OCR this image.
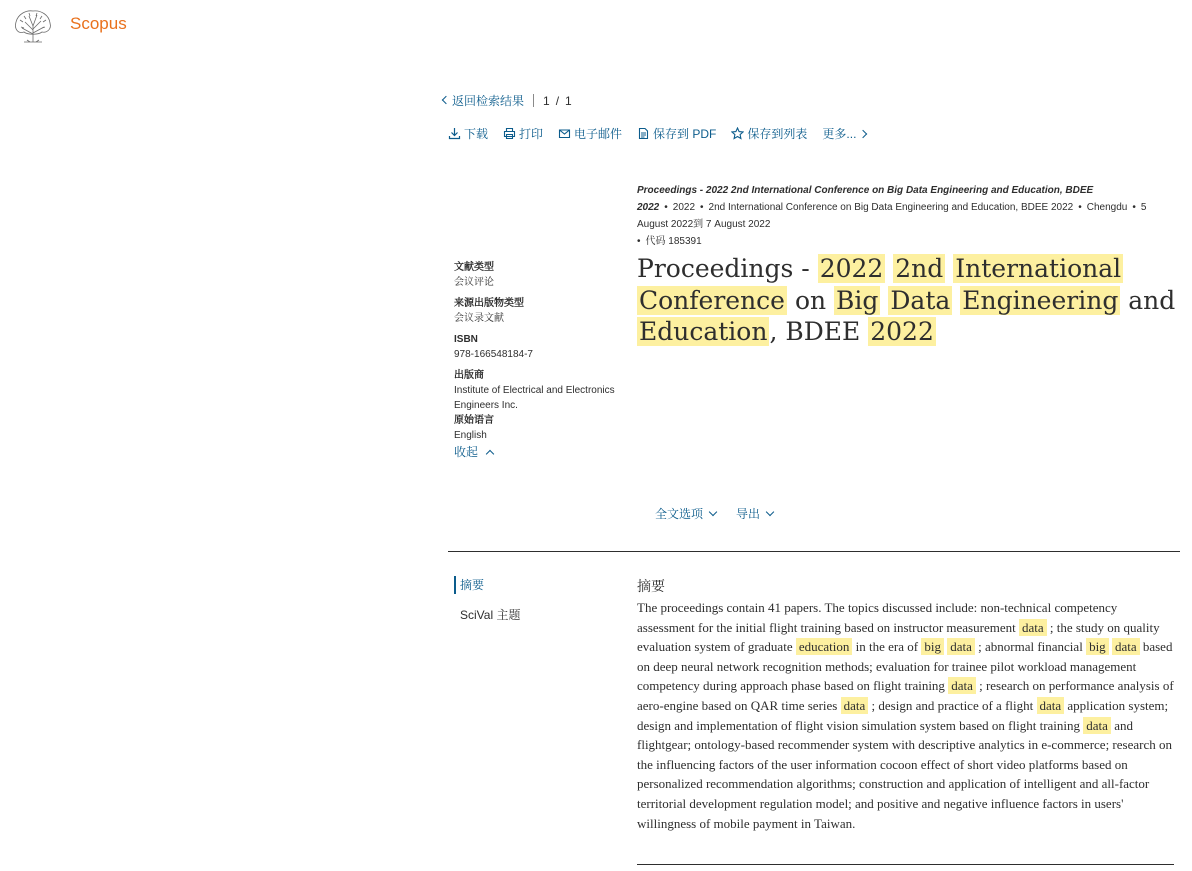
Scopus
返回检索结果 1 / 1
下载	打印	电子邮件	保存到 PDF	保存到列表 更多...
Proceedings - 2022 2nd International Conference on Big Data Engineering and Education, BDEE 2022 • 2022 • 2nd International Conference on Big Data Engineering and Education, BDEE 2022 • Chengdu • 5 August 2022到 7 August 2022
• 代码 185391
文献类型
会议评论
来源出版物类型
会议录文献
ISBN
978-166548184-7
出版商
Institute of Electrical and Electronics Engineers Inc.
原始语言
English
收起
Proceedings - 2022 2nd International Conference on Big Data Engineering and Education, BDEE 2022
全文选项	导出
摘要
SciVal 主题
摘要

The proceedings contain 41 papers. The topics discussed include: non-technical competency assessment for the initial flight training based on instructor measurement data ; the study on quality evaluation system of graduate education in the era of big data ; abnormal financial big data based on deep neural network recognition methods; evaluation for trainee pilot workload management competency during approach phase based on flight training data ; research on performance analysis of aero-engine based on QAR time series data ; design and practice of a flight data application system; design and implementation of flight vision simulation system based on flight training data and flightgear; ontology-based recommender system with descriptive analytics in e-commerce; research on the influencing factors of the user information cocoon effect of short video platforms based on personalized recommendation algorithms; construction and application of intelligent and all-factor territorial development regulation model; and positive and negative influence factors in users' willingness of mobile payment in Taiwan.
